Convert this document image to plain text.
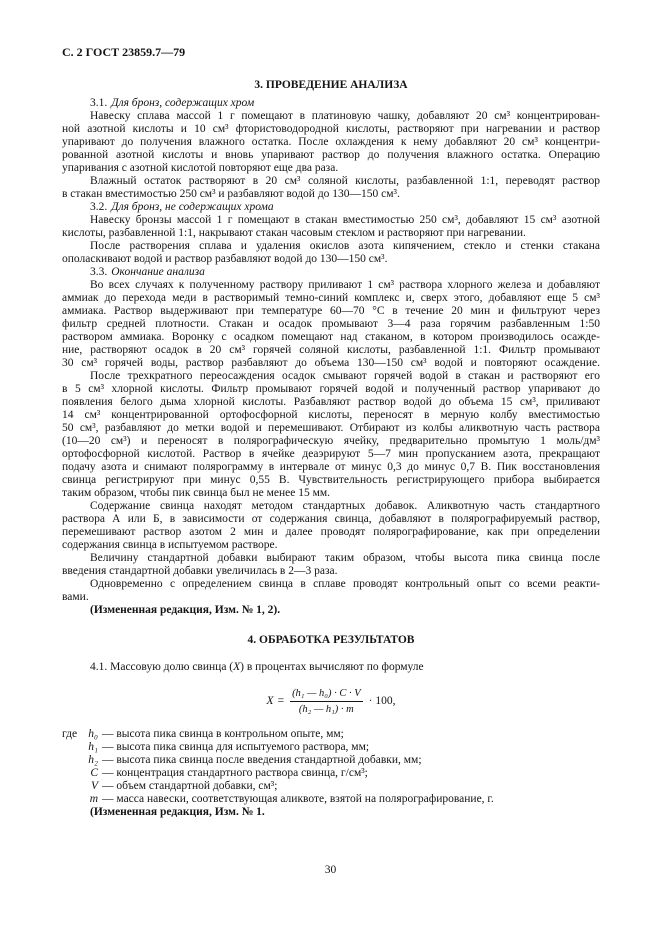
С. 2 ГОСТ 23859.7—79
3. ПРОВЕДЕНИЕ АНАЛИЗА
3.1. Для бронз, содержащих хром
Навеску сплава массой 1 г помещают в платиновую чашку, добавляют 20 см³ концентрирован-
ной азотной кислоты и 10 см³ фтористоводородной кислоты, растворяют при нагревании и раствор
упаривают до получения влажного остатка. После охлаждения к нему добавляют 20 см³ концентри-
рованной азотной кислоты и вновь упаривают раствор до получения влажного остатка. Операцию
упаривания с азотной кислотой повторяют еще два раза.
Влажный остаток растворяют в 20 см³ соляной кислоты, разбавленной 1:1, переводят раствор
в стакан вместимостью 250 см³ и разбавляют водой до 130—150 см³.
3.2. Для бронз, не содержащих хрома
Навеску бронзы массой 1 г помещают в стакан вместимостью 250 см³, добавляют 15 см³ азотной
кислоты, разбавленной 1:1, накрывают стакан часовым стеклом и растворяют при нагревании.
После растворения сплава и удаления окислов азота кипячением, стекло и стенки стакана
ополаскивают водой и раствор разбавляют водой до 130—150 см³.
3.3. Окончание анализа
Во всех случаях к полученному раствору приливают 1 см³ раствора хлорного железа и добавляют
аммиак до перехода меди в растворимый темно-синий комплекс и, сверх этого, добавляют еще 5 см³
аммиака. Раствор выдерживают при температуре 60—70 °С в течение 20 мин и фильтруют через
фильтр средней плотности. Стакан и осадок промывают 3—4 раза горячим разбавленным 1:50
раствором аммиака. Воронку с осадком помещают над стаканом, в котором производилось осажде-
ние, растворяют осадок в 20 см³ горячей соляной кислоты, разбавленной 1:1. Фильтр промывают
30 см³ горячей воды, раствор разбавляют до объема 130—150 см³ водой и повторяют осаждение.
После трехкратного переосаждения осадок смывают горячей водой в стакан и растворяют его
в 5 см³ хлорной кислоты. Фильтр промывают горячей водой и полученный раствор упаривают до
появления белого дыма хлорной кислоты. Разбавляют раствор водой до объема 15 см³, приливают
14 см³ концентрированной ортофосфорной кислоты, переносят в мерную колбу вместимостью
50 см³, разбавляют до метки водой и перемешивают. Отбирают из колбы аликвотную часть раствора
(10—20 см³) и переносят в полярографическую ячейку, предварительно промытую 1 моль/дм³
ортофосфорной кислотой. Раствор в ячейке деаэрируют 5—7 мин пропусканием азота, прекращают
подачу азота и снимают полярограмму в интервале от минус 0,3 до минус 0,7 В. Пик восстановления
свинца регистрируют при минус 0,55 В. Чувствительность регистрирующего прибора выбирается
таким образом, чтобы пик свинца был не менее 15 мм.
Содержание свинца находят методом стандартных добавок. Аликвотную часть стандартного
раствора А или Б, в зависимости от содержания свинца, добавляют в полярографируемый раствор,
перемешивают раствор азотом 2 мин и далее проводят полярографирование, как при определении
содержания свинца в испытуемом растворе.
Величину стандартной добавки выбирают таким образом, чтобы высота пика свинца после
введения стандартной добавки увеличилась в 2—3 раза.
Одновременно с определением свинца в сплаве проводят контрольный опыт со всеми реакти-
вами.
(Измененная редакция, Изм. № 1, 2).
4. ОБРАБОТКА РЕЗУЛЬТАТОВ
4.1. Массовую долю свинца (X) в процентах вычисляют по формуле
$X = \frac{\text{(h₁ — h₀) · C · V}}{\text{(h₂ — h₁) · m}} \cdot 100$,
где h₀ — высота пика свинца в контрольном опыте, мм;
h₁ — высота пика свинца для испытуемого раствора, мм;
h₂ — высота пика свинца после введения стандартной добавки, мм;
C — концентрация стандартного раствора свинца, г/см³;
V — объем стандартной добавки, см³;
m — масса навески, соответствующая аликвоте, взятой на полярографирование, г.
(Измененная редакция, Изм. № 1.
30
